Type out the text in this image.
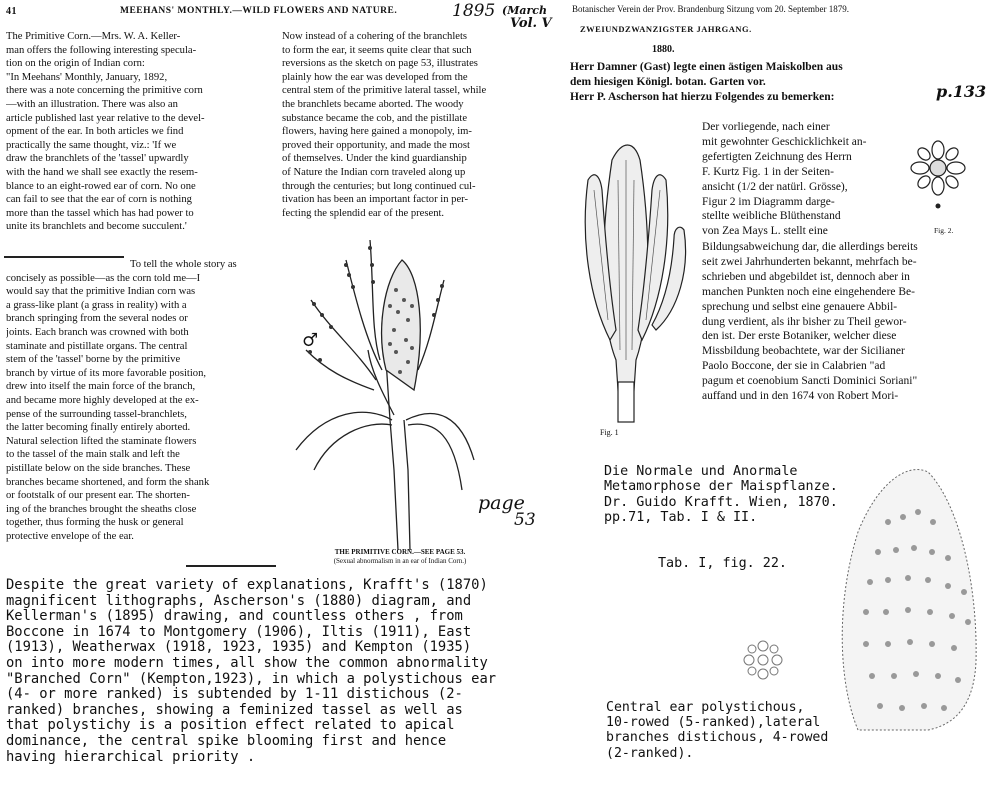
41	MEEHANS' MONTHLY.—WILD FLOWERS AND NATURE.	1895 (March
Vol. V
The Primitive Corn.—Mrs. W. A. Keller-
man offers the following interesting specula-
tion on the origin of Indian corn:
"In Meehans' Monthly, January, 1892,
there was a note concerning the primitive corn
—with an illustration. There was also an
article published last year relative to the devel-
opment of the ear. In both articles we find
practically the same thought, viz.: 'If we
draw the branchlets of the 'tassel' upwardly
with the hand we shall see exactly the resem-
blance to an eight-rowed ear of corn. No one
can fail to see that the ear of corn is nothing
more than the tassel which has had power to
unite its branchlets and become succulent.'
To tell the whole story as
concisely as possible—as the corn told me—I
would say that the primitive Indian corn was
a grass-like plant (a grass in reality) with a
branch springing from the several nodes or
joints. Each branch was crowned with both
staminate and pistillate organs. The central
stem of the 'tassel' borne by the primitive
branch by virtue of its more favorable position,
drew into itself the main force of the branch,
and became more highly developed at the ex-
pense of the surrounding tassel-branchlets,
the latter becoming finally entirely aborted.
Natural selection lifted the staminate flowers
to the tassel of the main stalk and left the
pistillate below on the side branches. These
branches became shortened, and form the shank
or footstalk of our present ear. The shorten-
ing of the branches brought the sheaths close
together, thus forming the husk or general
protective envelope of the ear.
Now instead of a cohering of the branchlets
to form the ear, it seems quite clear that such
reversions as the sketch on page 53, illustrates
plainly how the ear was developed from the
central stem of the primitive lateral tassel, while
the branchlets became aborted. The woody
substance became the cob, and the pistillate
flowers, having here gained a monopoly, im-
proved their opportunity, and made the most
of themselves. Under the kind guardianship
of Nature the Indian corn traveled along up
through the centuries; but long continued cul-
tivation has been an important factor in per-
fecting the splendid ear of the present.
♂
page
53
THE PRIMITIVE CORN.—SEE PAGE 53.
(Sexual abnormalism in an ear of Indian Corn.)
Botanischer Verein der Prov. Brandenburg Sitzung vom 20. September 1879.
ZWEIUNDZWANZIGSTER JAHRGANG.
1880.
p.133
Herr Damner (Gast) legte einen ästigen Maiskolben aus
dem hiesigen Königl. botan. Garten vor.
Herr P. Ascherson hat hierzu Folgendes zu bemerken:
Der vorliegende, nach einer
mit gewohnter Geschicklichkeit an-
gefertigten Zeichnung des Herrn
F. Kurtz Fig. 1 in der Seiten-
ansicht (1/2 der natürl. Grösse),
Figur 2 im Diagramm darge-
stellte weibliche Blüthenstand
von Zea Mays L. stellt eine
Bildungsabweichung dar, die allerdings bereits
seit zwei Jahrhunderten bekannt, mehrfach be-
schrieben und abgebildet ist, dennoch aber in
manchen Punkten noch eine eingehendere Be-
sprechung und selbst eine genauere Abbil-
dung verdient, als ihr bisher zu Theil gewor-
den ist. Der erste Botaniker, welcher diese
Missbildung beobachtete, war der Sicilianer
Paolo Boccone, der sie in Calabrien "ad
pagum et coenobium Sancti Dominici Soriani"
auffand und in den 1674 von Robert Mori-
Fig. 1
Fig. 2.
Die Normale und Anormale
Metamorphose der Maispflanze.
Dr. Guido Krafft. Wien, 1870.
pp.71, Tab. I & II.
Tab. I, fig. 22.
Despite the great variety of explanations, Krafft's (1870)
magnificent lithographs, Ascherson's (1880) diagram, and
Kellerman's (1895) drawing, and countless others , from
Boccone in 1674 to Montgomery (1906), Iltis (1911), East
(1913), Weatherwax (1918, 1923, 1935) and Kempton (1935)
on into more modern times, all show the common abnormality
"Branched Corn" (Kempton,1923), in which a polystichous ear
(4- or more ranked) is subtended by 1-11 distichous (2-
ranked) branches, showing a feminized tassel as well as
that polystichy is a position effect related to apical
dominance, the central spike blooming first and hence
having hierarchical priority .
Central ear polystichous,
10-rowed (5-ranked),lateral
branches distichous, 4-rowed
(2-ranked).
